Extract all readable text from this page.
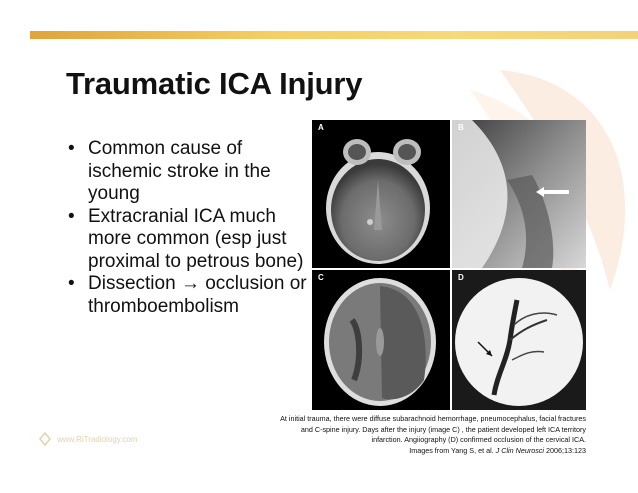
Traumatic ICA Injury
• Common cause of ischemic stroke in the young
• Extracranial ICA much more common (esp just proximal to petrous bone)
• Dissection → occlusion or thromboembolism
A	B
C	D
At initial trauma, there were diffuse subarachnoid hemorrhage, pneumocephalus, facial fractures
and C-spine injury. Days after the injury (image C) , the patient developed left ICA territory
infarction. Angiiography (D) confirmed occlusion of the cervical ICA.
Images from Yang S, et al. J Clin Neurosci 2006;13:123
www.RiTradiology.com
